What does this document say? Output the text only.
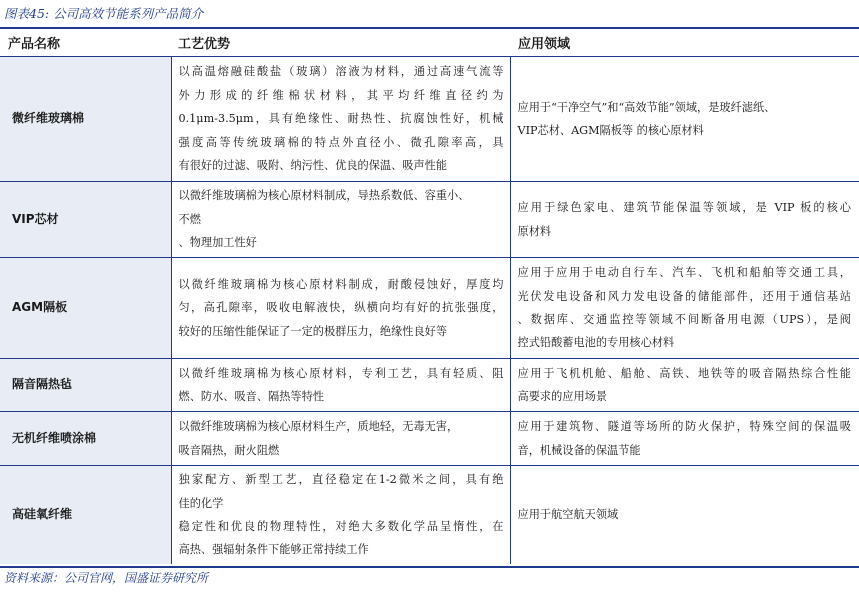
图表45: 公司高效节能系列产品简介
产品名称	工艺优势	应用领域
微纤维玻璃棉	以高温熔融硅酸盐（玻璃）溶液为材料，通过高速气流等
外力形成的纤维棉状材料，其平均纤维直径约为
0.1μm-3.5μm，具有绝缘性、耐热性、抗腐蚀性好，机械
强度高等传统玻璃棉的特点外直径小、微孔隙率高，具
有很好的过滤、吸附、纳污性、优良的保温、吸声性能	应用于“干净空气”和“高效节能”领域，是玻纤滤纸、
VIP芯材、AGM隔板等 的核心原材料

VIP芯材	以微纤维玻璃棉为核心原材料制成，导热系数低、容重小、
不燃
、物理加工性好	应用于绿色家电、建筑节能保温等领域，是 VIP 板的核心
原材料

AGM隔板	以微纤维玻璃棉为核心原材料制成，耐酸侵蚀好，厚度均
匀，高孔隙率，吸收电解液快，纵横向均有好的抗张强度，
较好的压缩性能保证了一定的极群压力，绝缘性良好等	应用于应用于电动自行车、汽车、飞机和船舶等交通工具，
光伏发电设备和风力发电设备的储能部件，还用于通信基站
、数据库、交通监控等领域不间断备用电源（UPS），是阀
控式铅酸蓄电池的专用核心材料

隔音隔热毡	以微纤维玻璃棉为核心原材料，专利工艺，具有轻质、阻
燃、防水、吸音、隔热等特性	应用于飞机机舱、船舱、高铁、地铁等的吸音隔热综合性能
高要求的应用场景

无机纤维喷涂棉	以微纤维玻璃棉为核心原材料生产，质地轻，无毒无害，
吸音隔热，耐火阻燃	应用于建筑物、隧道等场所的防火保护，特殊空间的保温吸
音，机械设备的保温节能

高硅氧纤维	独家配方、新型工艺，直径稳定在1-2微米之间，具有绝
佳的化学
稳定性和优良的物理特性，对绝大多数化学品呈惰性，在
高热、强辐射条件下能够正常持续工作	应用于航空航天领域
资料来源：公司官网，国盛证券研究所
